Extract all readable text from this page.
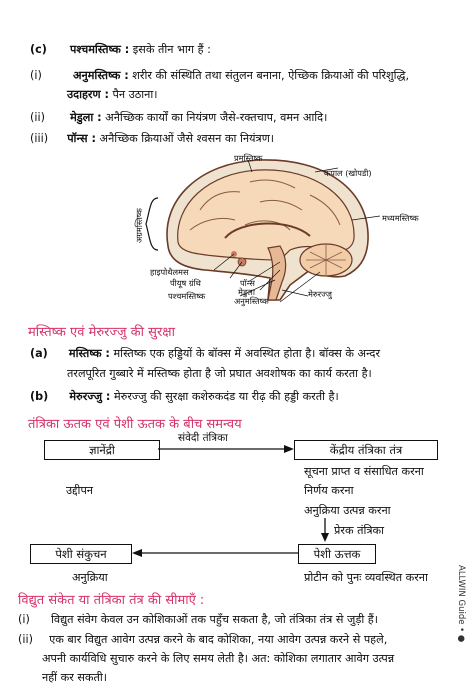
(c) पश्चमस्तिष्क : इसके तीन भाग हैं :
(i)	अनुमस्तिष्क : शरीर की संस्थिति तथा संतुलन बनाना, ऐच्छिक क्रियाओं की परिशुद्धि,
उदाहरण : पैन उठाना।
(ii) मेडुला : अनैच्छिक कार्यों का नियंत्रण जैसे-रक्तचाप, वमन आदि।
(iii) पॉन्स : अनैच्छिक क्रियाओं जैसे श्वसन का नियंत्रण।
प्रमस्तिष्क
कपाल (खोपडी)
मध्यमस्तिष्क
अग्रमस्तिष्क
हाइपोथैलमस
पीयूष ग्रंथि	पॉन्स
मेडुला
पश्चमस्तिष्क	अनुमस्तिष्क
मेरुरज्जु
मस्तिष्क एवं मेरुरज्जु की सुरक्षा
(a) मस्तिष्क : मस्तिष्क एक हड्डियों के बॉक्स में अवस्थित होता है। बॉक्स के अन्दर
तरलपूरित गुब्बारे में मस्तिष्क होता है जो प्रघात अवशोषक का कार्य करता है।
(b) मेरुरज्जु : मेरुरज्जु की सुरक्षा कशेरुकदंड या रीढ़ की हड्डी करती है।
तंत्रिका ऊतक एवं पेशी ऊतक के बीच समन्वय
ज्ञानेंद्री
संवेदी तंत्रिका
केंद्रीय तंत्रिका तंत्र
सूचना प्राप्त व संसाधित करना
उद्दीपन	निर्णय करना
अनुक्रिया उत्पन्न करना
प्रेरक तंत्रिका
पेशी ऊत्तक
पेशी संकुचन
अनुक्रिया	प्रोटीन को पुनः व्यवस्थित करना
विद्युत संकेत या तंत्रिका तंत्र की सीमाएँ :
(i) विद्युत संवेग केवल उन कोशिकाओं तक पहुँच सकता है, जो तंत्रिका तंत्र से जुड़ी हैं।
(ii) एक बार विद्युत आवेग उत्पन्न करने के बाद कोशिका, नया आवेग उत्पन्न करने से पहले,
अपनी कार्यविधि सुचारु करने के लिए समय लेती है। अत: कोशिका लगातार आवेग उत्पन्न
नहीं कर सकती।
ALLWIN Guide • ●
